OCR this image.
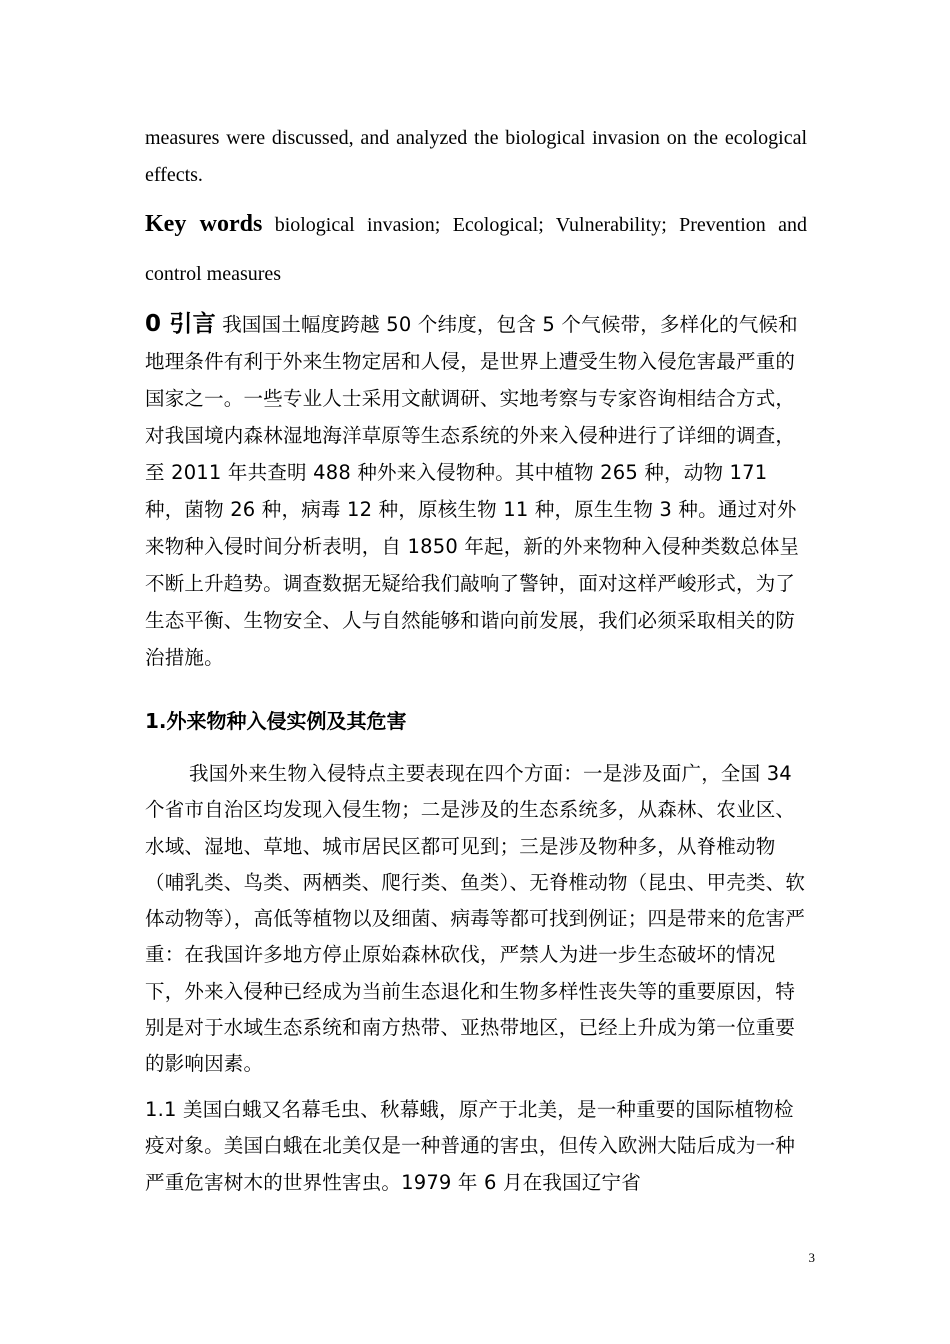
measures were discussed, and analyzed the biological invasion on the ecological effects.

Key words biological invasion; Ecological; Vulnerability; Prevention and control measures

0 引言 我国国土幅度跨越 50 个纬度，包含 5 个气候带，多样化的气候和地理条件有利于外来生物定居和人侵，是世界上遭受生物入侵危害最严重的国家之一。一些专业人士采用文献调研、实地考察与专家咨询相结合方式，对我国境内森林湿地海洋草原等生态系统的外来入侵种进行了详细的调查，至 2011 年共查明 488 种外来入侵物种。其中植物 265 种，动物 171 种，菌物 26 种，病毒 12 种，原核生物 11 种，原生生物 3 种。通过对外来物种入侵时间分析表明，自 1850 年起，新的外来物种入侵种类数总体呈不断上升趋势。调查数据无疑给我们敲响了警钟，面对这样严峻形式，为了生态平衡、生物安全、人与自然能够和谐向前发展，我们必须采取相关的防治措施。

1.外来物种入侵实例及其危害

我国外来生物入侵特点主要表现在四个方面：一是涉及面广，全国 34 个省市自治区均发现入侵生物；二是涉及的生态系统多，从森林、农业区、水域、湿地、草地、城市居民区都可见到；三是涉及物种多，从脊椎动物（哺乳类、鸟类、两栖类、爬行类、鱼类）、无脊椎动物（昆虫、甲壳类、软体动物等），高低等植物以及细菌、病毒等都可找到例证；四是带来的危害严重：在我国许多地方停止原始森林砍伐，严禁人为进一步生态破坏的情况下，外来入侵种已经成为当前生态退化和生物多样性丧失等的重要原因，特别是对于水域生态系统和南方热带、亚热带地区，已经上升成为第一位重要的影响因素。

1.1 美国白蛾又名幕毛虫、秋幕蛾，原产于北美，是一种重要的国际植物检疫对象。美国白蛾在北美仅是一种普通的害虫，但传入欧洲大陆后成为一种严重危害树木的世界性害虫。1979 年 6 月在我国辽宁省

3
